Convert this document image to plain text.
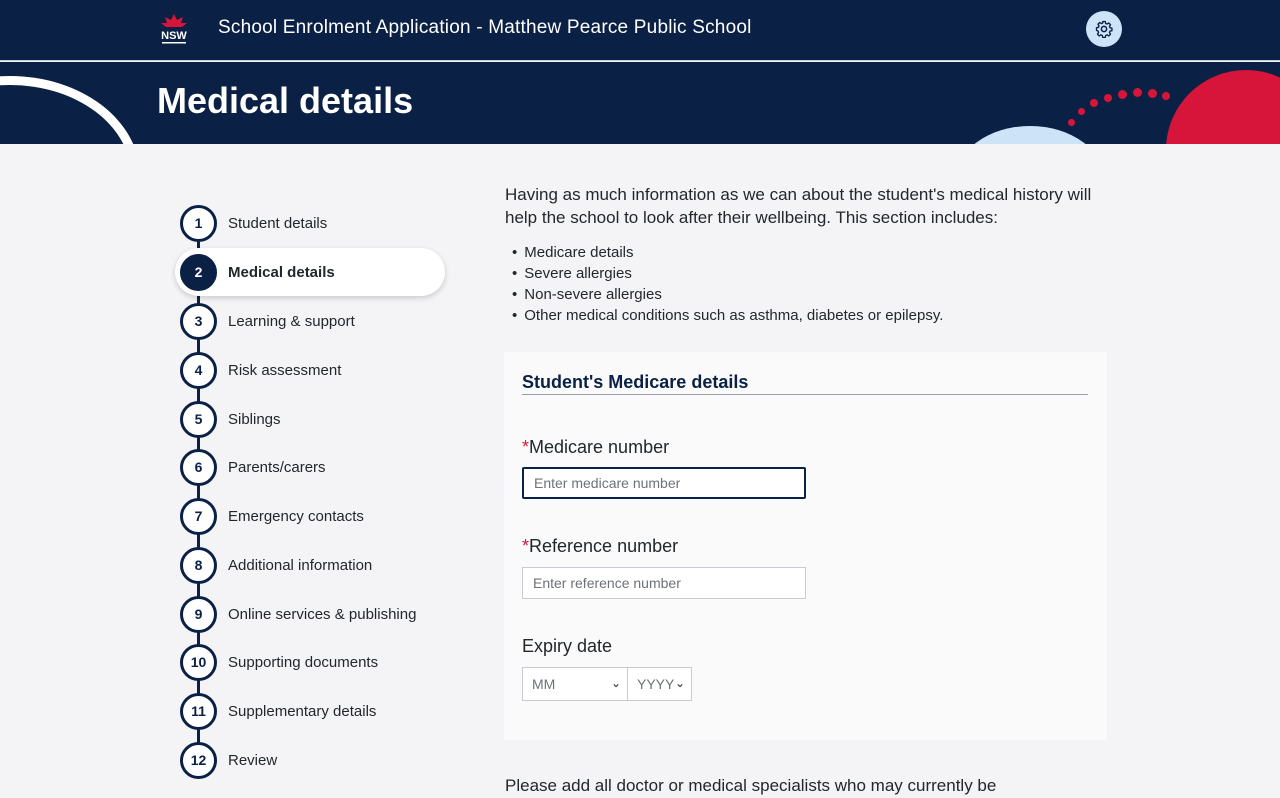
NSW School Enrolment Application - Matthew Pearce Public School
Medical details
1	Student details
2	Medical details
3	Learning & support
4	Risk assessment
5	Siblings
6	Parents/carers
7	Emergency contacts
8	Additional information
9	Online services & publishing
10	Supporting documents
11	Supplementary details
12	Review

Having as much information as we can about the student's medical history will help the school to look after their wellbeing. This section includes:

• Medicare details
• Severe allergies
• Non-severe allergies
• Other medical conditions such as asthma, diabetes or epilepsy.
Student's Medicare details
*Medicare number
Enter medicare number
*Reference number
Enter reference number
Expiry date
MM	⌄ YYYY ⌄

Please add all doctor or medical specialists who may currently be
